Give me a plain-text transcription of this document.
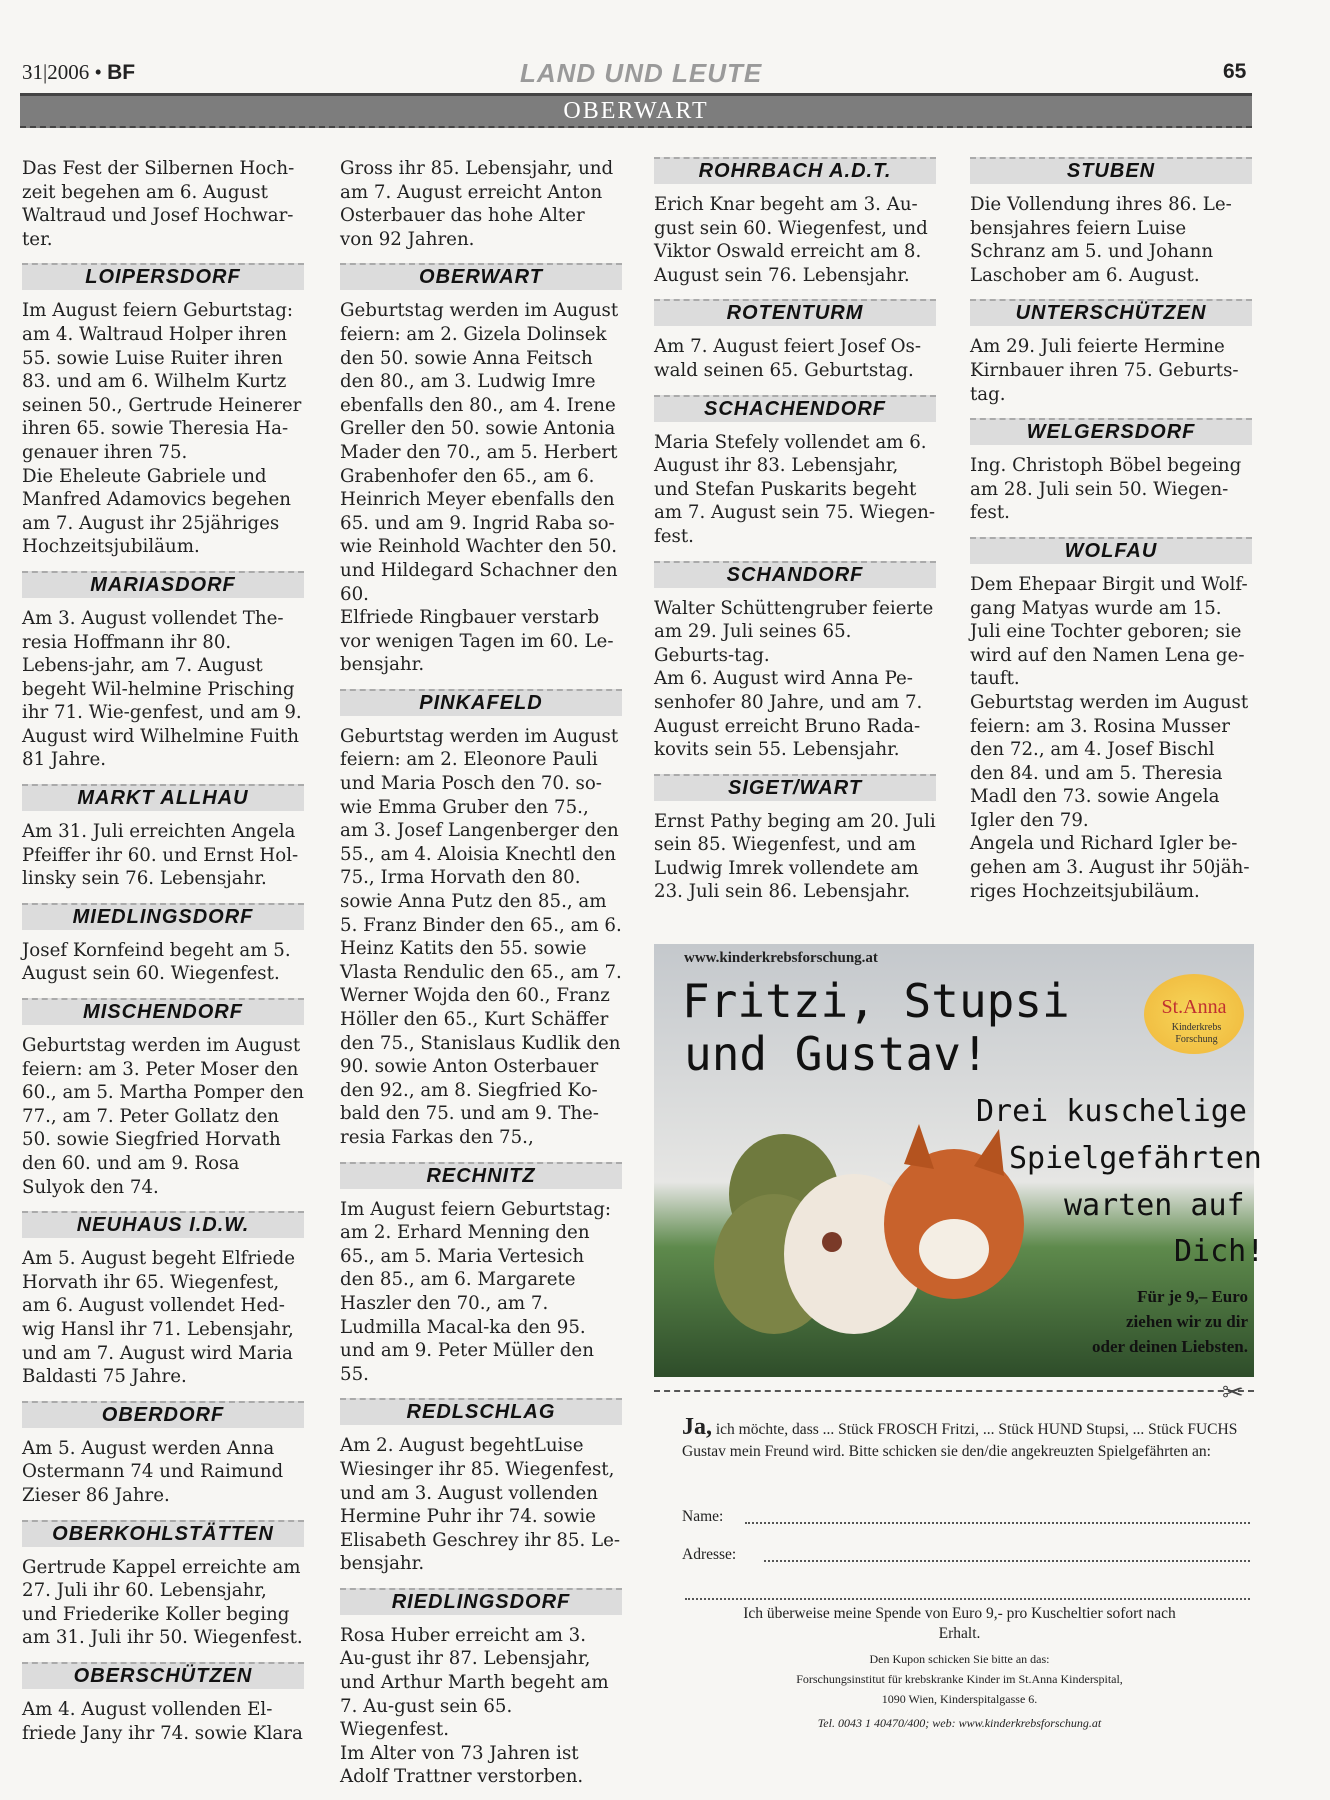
31|2006 • BF	LAND UND LEUTE	65
OBERWART

Das Fest der Silbernen Hoch-zeit begehen am 6. August Waltraud und Josef Hochwar-ter.

LOIPERSDORF

Im August feiern Geburtstag: am 4. Waltraud Holper ihren 55. sowie Luise Ruiter ihren 83. und am 6. Wilhelm Kurtz seinen 50., Gertrude Heinerer ihren 65. sowie Theresia Ha-genauer ihren 75.

Die Eheleute Gabriele und Manfred Adamovics begehen am 7. August ihr 25jähriges Hochzeitsjubiläum.

MARIASDORF

Am 3. August vollendet The-resia Hoffmann ihr 80. Lebens-jahr, am 7. August begeht Wil-helmine Prisching ihr 71. Wie-genfest, und am 9. August wird Wilhelmine Fuith 81 Jahre.

MARKT ALLHAU

Am 31. Juli erreichten Angela Pfeiffer ihr 60. und Ernst Hol-linsky sein 76. Lebensjahr.

MIEDLINGSDORF

Josef Kornfeind begeht am 5. August sein 60. Wiegenfest.

MISCHENDORF

Geburtstag werden im August feiern: am 3. Peter Moser den 60., am 5. Martha Pomper den 77., am 7. Peter Gollatz den 50. sowie Siegfried Horvath den 60. und am 9. Rosa Sulyok den 74.

NEUHAUS I.D.W.

Am 5. August begeht Elfriede Horvath ihr 65. Wiegenfest, am 6. August vollendet Hed-wig Hansl ihr 71. Lebensjahr, und am 7. August wird Maria Baldasti 75 Jahre.

OBERDORF

Am 5. August werden Anna Ostermann 74 und Raimund Zieser 86 Jahre.

OBERKOHLSTÄTTEN

Gertrude Kappel erreichte am 27. Juli ihr 60. Lebensjahr, und Friederike Koller beging am 31. Juli ihr 50. Wiegenfest.

OBERSCHÜTZEN

Am 4. August vollenden El-friede Jany ihr 74. sowie Klara

Gross ihr 85. Lebensjahr, und am 7. August erreicht Anton Osterbauer das hohe Alter von 92 Jahren.

OBERWART

Geburtstag werden im August feiern: am 2. Gizela Dolinsek den 50. sowie Anna Feitsch den 80., am 3. Ludwig Imre ebenfalls den 80., am 4. Irene Greller den 50. sowie Antonia Mader den 70., am 5. Herbert Grabenhofer den 65., am 6. Heinrich Meyer ebenfalls den 65. und am 9. Ingrid Raba so-wie Reinhold Wachter den 50. und Hildegard Schachner den 60.

Elfriede Ringbauer verstarb vor wenigen Tagen im 60. Le-bensjahr.

PINKAFELD

Geburtstag werden im August feiern: am 2. Eleonore Pauli und Maria Posch den 70. so-wie Emma Gruber den 75., am 3. Josef Langenberger den 55., am 4. Aloisia Knechtl den 75., Irma Horvath den 80. sowie Anna Putz den 85., am 5. Franz Binder den 65., am 6. Heinz Katits den 55. sowie Vlasta Rendulic den 65., am 7. Werner Wojda den 60., Franz Höller den 65., Kurt Schäffer den 75., Stanislaus Kudlik den 90. sowie Anton Osterbauer den 92., am 8. Siegfried Ko-bald den 75. und am 9. The-resia Farkas den 75.,

RECHNITZ

Im August feiern Geburtstag: am 2. Erhard Menning den 65., am 5. Maria Vertesich den 85., am 6. Margarete Haszler den 70., am 7. Ludmilla Macal-ka den 95. und am 9. Peter Müller den 55.

REDLSCHLAG

Am 2. August begehtLuise Wiesinger ihr 85. Wiegenfest, und am 3. August vollenden Hermine Puhr ihr 74. sowie Elisabeth Geschrey ihr 85. Le-bensjahr.

RIEDLINGSDORF

Rosa Huber erreicht am 3. Au-gust ihr 87. Lebensjahr, und Arthur Marth begeht am 7. Au-gust sein 65. Wiegenfest.

Im Alter von 73 Jahren ist Adolf Trattner verstorben.

ROHRBACH A.D.T.

Erich Knar begeht am 3. Au-gust sein 60. Wiegenfest, und Viktor Oswald erreicht am 8. August sein 76. Lebensjahr.

ROTENTURM

Am 7. August feiert Josef Os-wald seinen 65. Geburtstag.

SCHACHENDORF

Maria Stefely vollendet am 6. August ihr 83. Lebensjahr, und Stefan Puskarits begeht am 7. August sein 75. Wiegen-fest.

SCHANDORF

Walter Schüttengruber feierte am 29. Juli seines 65. Geburts-tag.

Am 6. August wird Anna Pe-senhofer 80 Jahre, und am 7. August erreicht Bruno Rada-kovits sein 55. Lebensjahr.

SIGET/WART

Ernst Pathy beging am 20. Juli sein 85. Wiegenfest, und am Ludwig Imrek vollendete am 23. Juli sein 86. Lebensjahr.

STUBEN

Die Vollendung ihres 86. Le-bensjahres feiern Luise Schranz am 5. und Johann Laschober am 6. August.

UNTERSCHÜTZEN

Am 29. Juli feierte Hermine Kirnbauer ihren 75. Geburts-tag.

WELGERSDORF

Ing. Christoph Böbel begeing am 28. Juli sein 50. Wiegen-fest.

WOLFAU

Dem Ehepaar Birgit und Wolf-gang Matyas wurde am 15. Juli eine Tochter geboren; sie wird auf den Namen Lena ge-tauft.

Geburtstag werden im August feiern: am 3. Rosina Musser den 72., am 4. Josef Bischl den 84. und am 5. Theresia Madl den 73. sowie Angela Igler den 79.

Angela und Richard Igler be-gehen am 3. August ihr 50jäh-riges Hochzeitsjubiläum.

www.kinderkrebsforschung.at
St.Anna
Kinderkrebs Forschung
Fritzi, Stupsi
und Gustav!
Drei kuschelige
Spielgefährten
warten auf
Dich!
Für je 9,– Euro
ziehen wir zu dir
oder deinen Liebsten.
✂
Ja, ich möchte, dass ... Stück FROSCH Fritzi, ... Stück HUND Stupsi, ... Stück FUCHS Gustav mein Freund wird. Bitte schicken sie den/die angekreuzten Spielgefährten an:
Name:
Adresse:
Ich überweise meine Spende von Euro 9,- pro Kuscheltier sofort nach Erhalt.
Den Kupon schicken Sie bitte an das:
Forschungsinstitut für krebskranke Kinder im St.Anna Kinderspital,
1090 Wien, Kinderspitalgasse 6.
Tel. 0043 1 40470/400; web: www.kinderkrebsforschung.at
